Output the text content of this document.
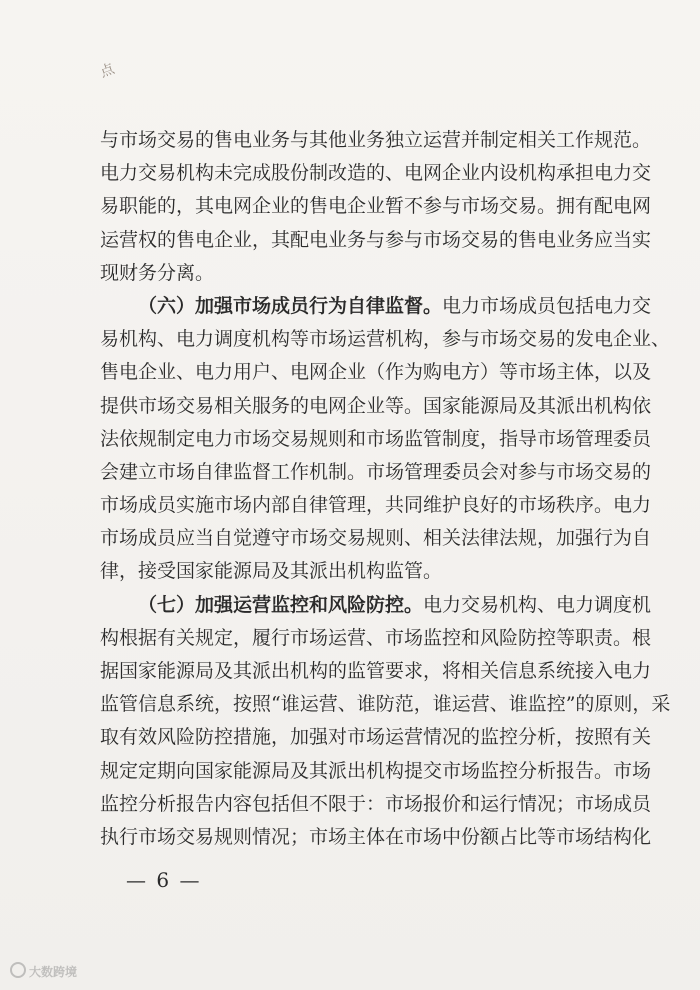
点
与市场交易的售电业务与其他业务独立运营并制定相关工作规范。
电力交易机构未完成股份制改造的、电网企业内设机构承担电力交
易职能的，其电网企业的售电企业暂不参与市场交易。拥有配电网
运营权的售电企业，其配电业务与参与市场交易的售电业务应当实
现财务分离。
（六）加强市场成员行为自律监督。电力市场成员包括电力交
易机构、电力调度机构等市场运营机构，参与市场交易的发电企业、
售电企业、电力用户、电网企业（作为购电方）等市场主体，以及
提供市场交易相关服务的电网企业等。国家能源局及其派出机构依
法依规制定电力市场交易规则和市场监管制度，指导市场管理委员
会建立市场自律监督工作机制。市场管理委员会对参与市场交易的
市场成员实施市场内部自律管理，共同维护良好的市场秩序。电力
市场成员应当自觉遵守市场交易规则、相关法律法规，加强行为自
律，接受国家能源局及其派出机构监管。
（七）加强运营监控和风险防控。电力交易机构、电力调度机
构根据有关规定，履行市场运营、市场监控和风险防控等职责。根
据国家能源局及其派出机构的监管要求，将相关信息系统接入电力
监管信息系统，按照“谁运营、谁防范，谁运营、谁监控”的原则，采
取有效风险防控措施，加强对市场运营情况的监控分析，按照有关
规定定期向国家能源局及其派出机构提交市场监控分析报告。市场
监控分析报告内容包括但不限于：市场报价和运行情况；市场成员
执行市场交易规则情况；市场主体在市场中份额占比等市场结构化
— 6 —
大数跨境
